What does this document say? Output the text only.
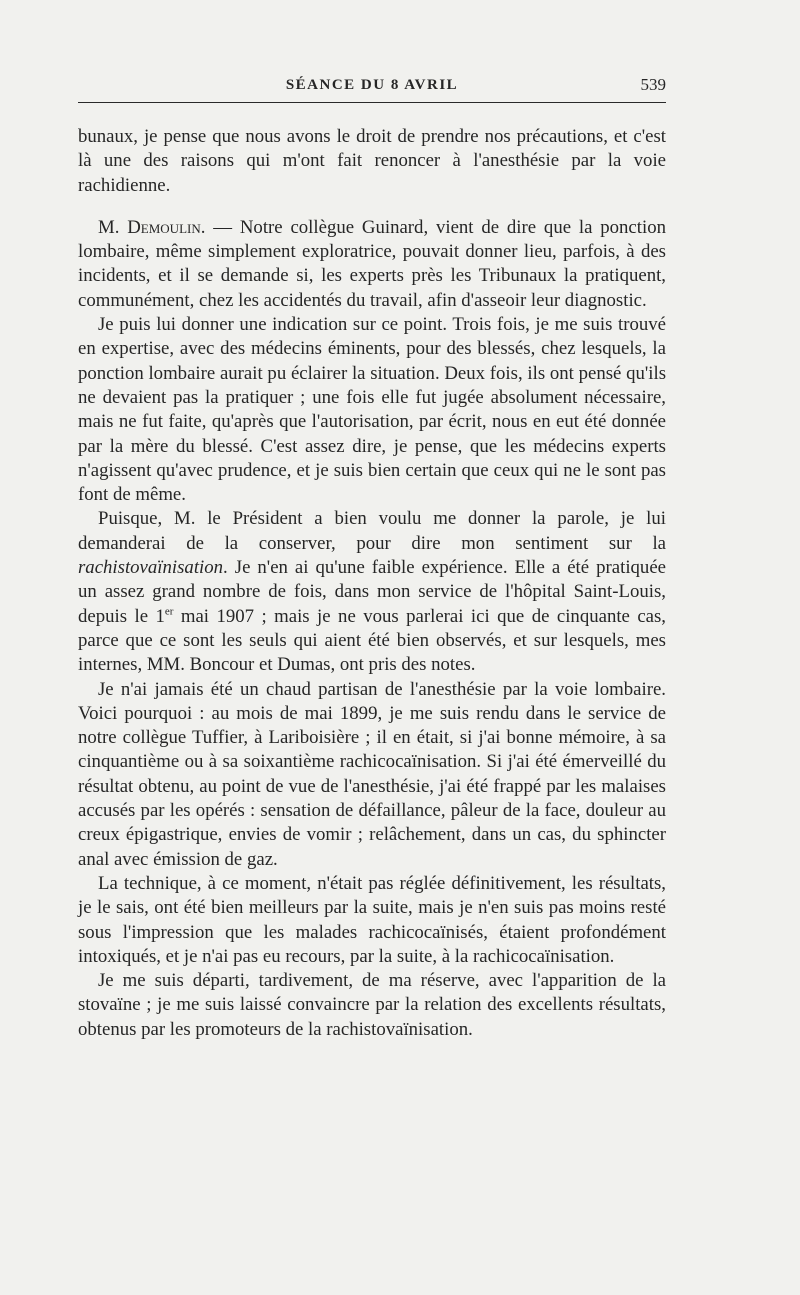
SÉANCE DU 8 AVRIL	539

bunaux, je pense que nous avons le droit de prendre nos précautions, et c'est là une des raisons qui m'ont fait renoncer à l'anesthésie par la voie rachidienne.

M. Demoulin. — Notre collègue Guinard, vient de dire que la ponction lombaire, même simplement exploratrice, pouvait donner lieu, parfois, à des incidents, et il se demande si, les experts près les Tribunaux la pratiquent, communément, chez les accidentés du travail, afin d'asseoir leur diagnostic.

Je puis lui donner une indication sur ce point. Trois fois, je me suis trouvé en expertise, avec des médecins éminents, pour des blessés, chez lesquels, la ponction lombaire aurait pu éclairer la situation. Deux fois, ils ont pensé qu'ils ne devaient pas la pratiquer ; une fois elle fut jugée absolument nécessaire, mais ne fut faite, qu'après que l'autorisation, par écrit, nous en eut été donnée par la mère du blessé. C'est assez dire, je pense, que les médecins experts n'agissent qu'avec prudence, et je suis bien certain que ceux qui ne le sont pas font de même.

Puisque, M. le Président a bien voulu me donner la parole, je lui demanderai de la conserver, pour dire mon sentiment sur la rachistovaïnisation. Je n'en ai qu'une faible expérience. Elle a été pratiquée un assez grand nombre de fois, dans mon service de l'hôpital Saint-Louis, depuis le 1er mai 1907 ; mais je ne vous parlerai ici que de cinquante cas, parce que ce sont les seuls qui aient été bien observés, et sur lesquels, mes internes, MM. Boncour et Dumas, ont pris des notes.

Je n'ai jamais été un chaud partisan de l'anesthésie par la voie lombaire. Voici pourquoi : au mois de mai 1899, je me suis rendu dans le service de notre collègue Tuffier, à Lariboisière ; il en était, si j'ai bonne mémoire, à sa cinquantième ou à sa soixantième rachicocaïnisation. Si j'ai été émerveillé du résultat obtenu, au point de vue de l'anesthésie, j'ai été frappé par les malaises accusés par les opérés : sensation de défaillance, pâleur de la face, douleur au creux épigastrique, envies de vomir ; relâchement, dans un cas, du sphincter anal avec émission de gaz.

La technique, à ce moment, n'était pas réglée définitivement, les résultats, je le sais, ont été bien meilleurs par la suite, mais je n'en suis pas moins resté sous l'impression que les malades rachicocaïnisés, étaient profondément intoxiqués, et je n'ai pas eu recours, par la suite, à la rachicocaïnisation.

Je me suis départi, tardivement, de ma réserve, avec l'apparition de la stovaïne ; je me suis laissé convaincre par la relation des excellents résultats, obtenus par les promoteurs de la rachistovaïnisation.
